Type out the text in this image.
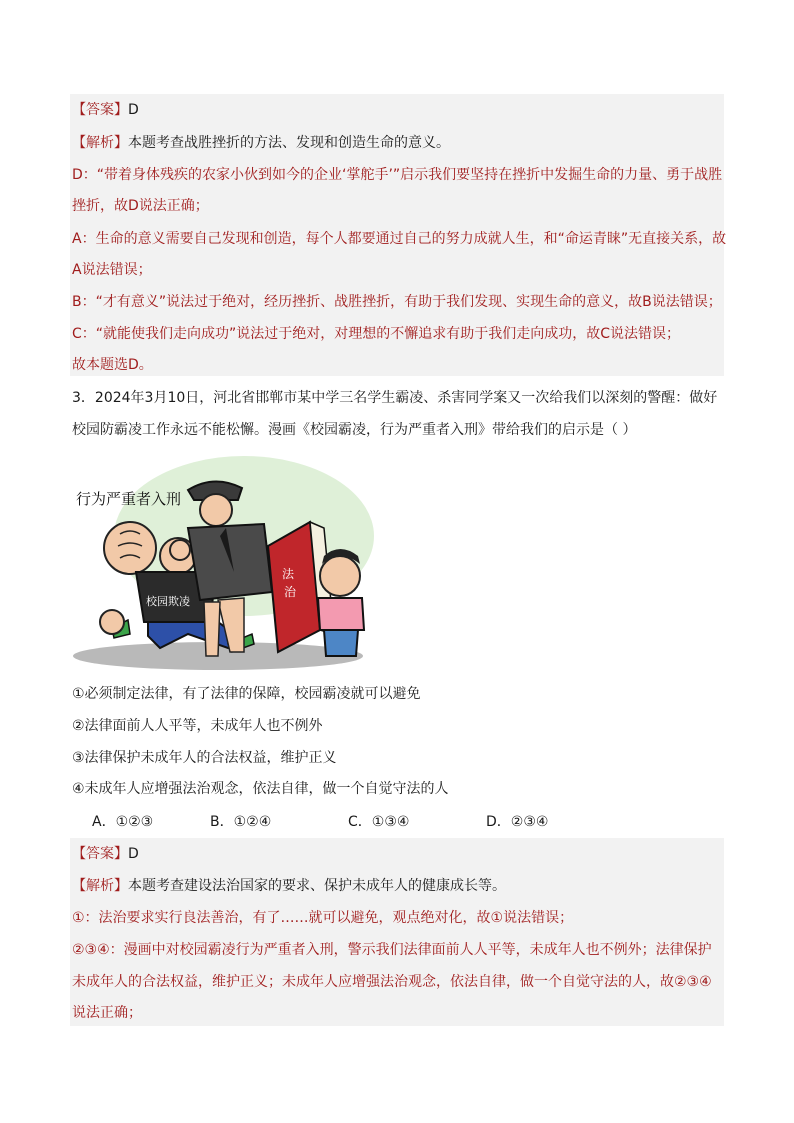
【答案】D
【解析】本题考查战胜挫折的方法、发现和创造生命的意义。
D：“带着身体残疾的农家小伙到如今的企业‘掌舵手’”启示我们要坚持在挫折中发掘生命的力量、勇于战胜
挫折，故D说法正确；
A：生命的意义需要自己发现和创造，每个人都要通过自己的努力成就人生，和“命运青睐”无直接关系，故
A说法错误；
B：“才有意义”说法过于绝对，经历挫折、战胜挫折，有助于我们发现、实现生命的意义，故B说法错误；
C：“就能使我们走向成功”说法过于绝对，对理想的不懈追求有助于我们走向成功，故C说法错误；
故本题选D。
3．2024年3月10日，河北省邯郸市某中学三名学生霸凌、杀害同学案又一次给我们以深刻的警醒：做好
校园防霸凌工作永远不能松懈。漫画《校园霸凌，行为严重者入刑》带给我们的启示是（ ）
行为严重者入刑
校园欺凌
法
治
①必须制定法律，有了法律的保障，校园霸凌就可以避免
②法律面前人人平等，未成年人也不例外
③法律保护未成年人的合法权益，维护正义
④未成年人应增强法治观念，依法自律，做一个自觉守法的人
A．①②③	B．①②④	C．①③④	D．②③④
【答案】D
【解析】本题考查建设法治国家的要求、保护未成年人的健康成长等。
①：法治要求实行良法善治，有了……就可以避免，观点绝对化，故①说法错误；
②③④：漫画中对校园霸凌行为严重者入刑，警示我们法律面前人人平等，未成年人也不例外；法律保护
未成年人的合法权益，维护正义；未成年人应增强法治观念，依法自律，做一个自觉守法的人，故②③④
说法正确；
